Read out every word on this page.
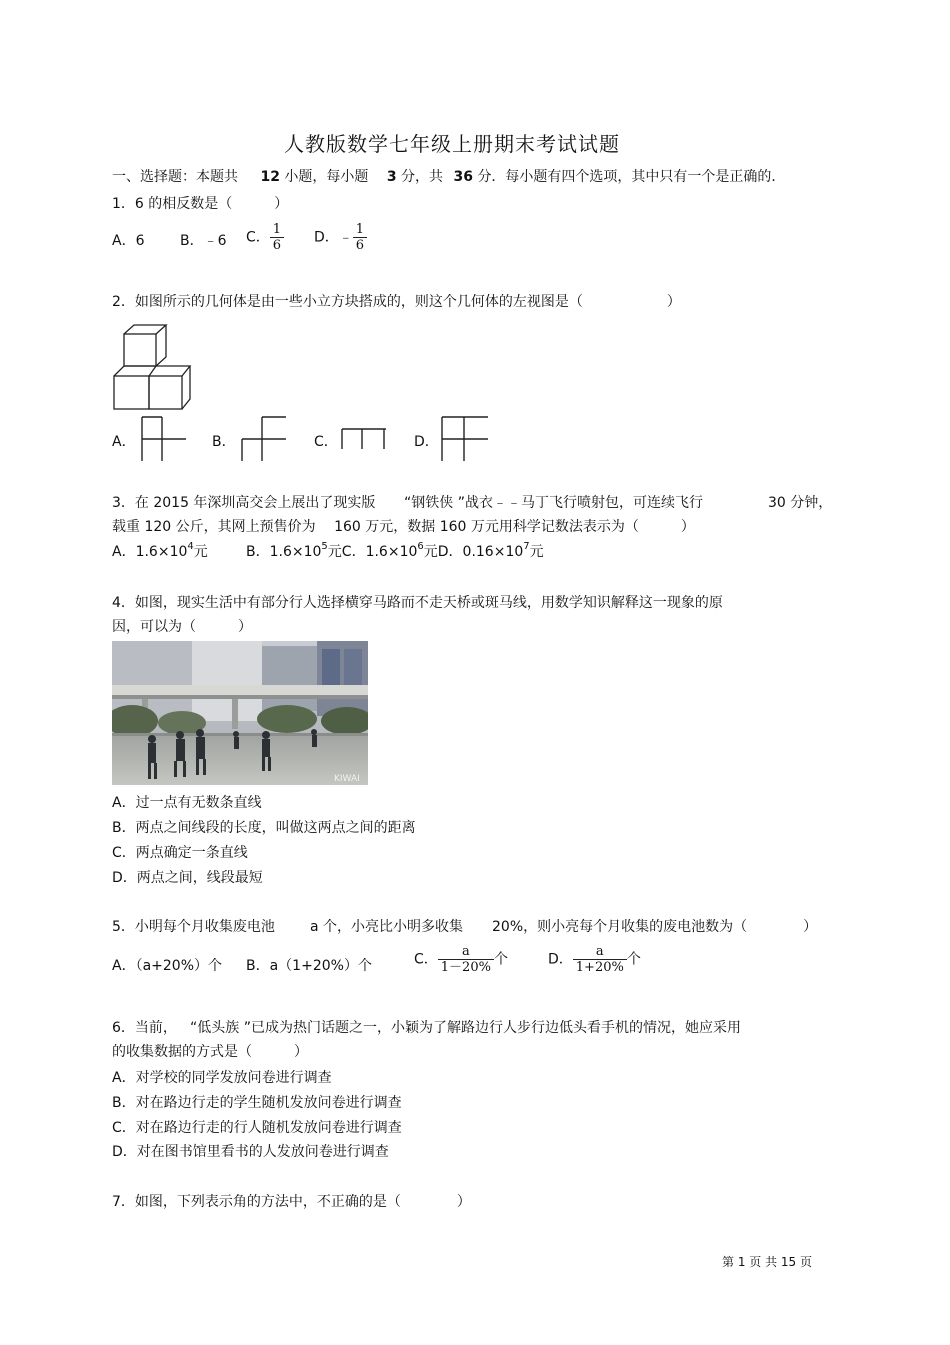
人教版数学七年级上册期末考试试题
一、选择题：本题共 12 小题，每小题 3 分，共 36 分．每小题有四个选项，其中只有一个是正确的．
1．6 的相反数是（　　　）
A．6	B．﹣6 C． $\frac{1}{6}$ D．﹣ $\frac{1}{6}$
2．如图所示的几何体是由一些小立方块搭成的，则这个几何体的左视图是（　　　　　　）
A．	B．	C．	D．
3．在 2015 年深圳高交会上展出了现实版 “钢铁侠 ”战衣﹣﹣马丁飞行喷射包，可连续飞行	30 分钟，
载重 120 公斤，其网上预售价为　 160 万元，数据 160 万元用科学记数法表示为（　　　）
A．$1.6\times 10^4$元	B．$1.6\times 10^5$元C．$1.6\times 10^6$元D．$0.16\times 10^7$元
4．如图，现实生活中有部分行人选择横穿马路而不走天桥或斑马线，用数学知识解释这一现象的原
因，可以为（　　　）
KIWAI
A．过一点有无数条直线
B．两点之间线段的长度，叫做这两点之间的距离
C．两点确定一条直线
D．两点之间，线段最短
5．小明每个月收集废电池	a 个，小亮比小明多收集 20%，则小亮每个月收集的废电池数为（　　　　）
A．（a+20%）个 B．a（1+20%）个	C． $\frac{a}{1-20\%}$ 个	D． $\frac{a}{1+20\%}$ 个
6．当前， “低头族 ”已成为热门话题之一，小颖为了解路边行人步行边低头看手机的情况，她应采用
的收集数据的方式是（　　　）
A．对学校的同学发放问卷进行调查
B．对在路边行走的学生随机发放问卷进行调查
C．对在路边行走的行人随机发放问卷进行调查
D．对在图书馆里看书的人发放问卷进行调查
7．如图，下列表示角的方法中，不正确的是（　　　　）
第 1 页 共 15 页
